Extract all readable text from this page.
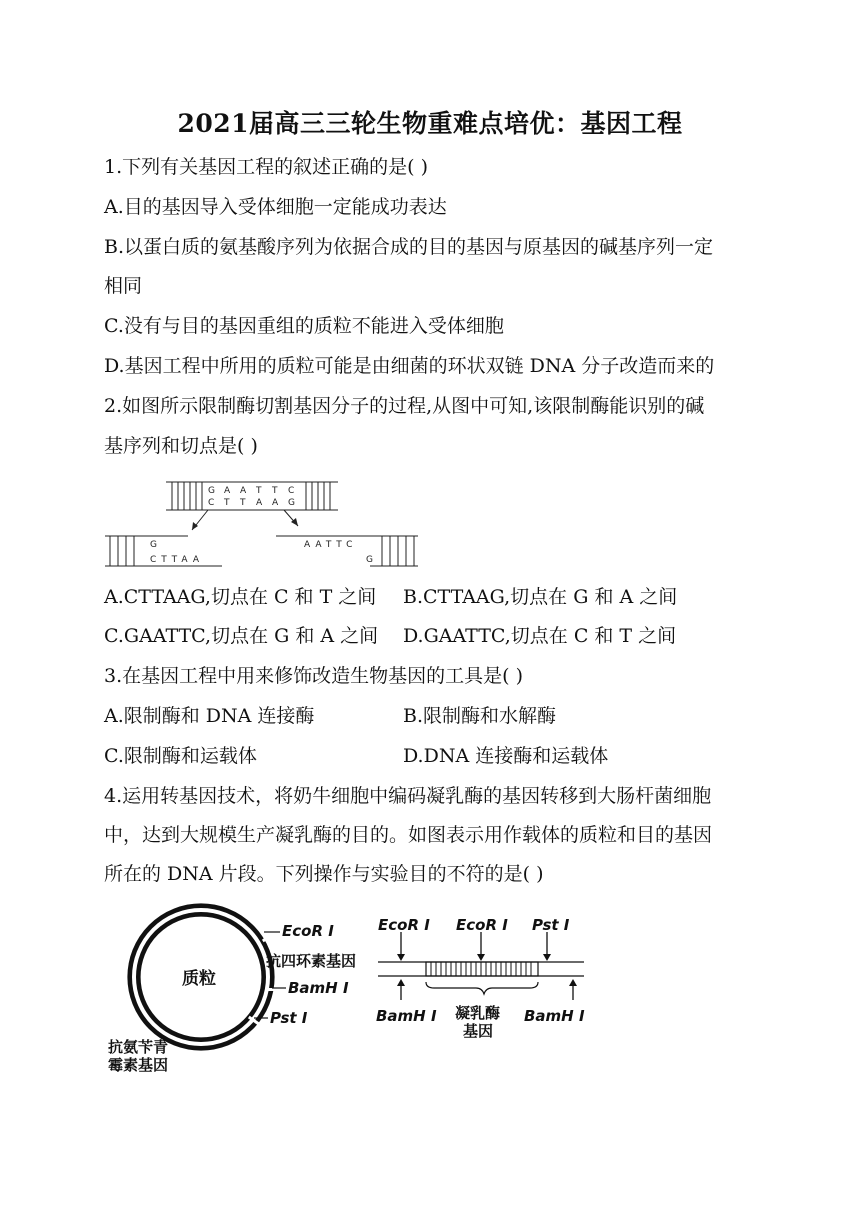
2021届高三三轮生物重难点培优：基因工程
1.下列有关基因工程的叙述正确的是( )
A.目的基因导入受体细胞一定能成功表达
B.以蛋白质的氨基酸序列为依据合成的目的基因与原基因的碱基序列一定
相同
C.没有与目的基因重组的质粒不能进入受体细胞
D.基因工程中所用的质粒可能是由细菌的环状双链 DNA 分子改造而来的
2.如图所示限制酶切割基因分子的过程,从图中可知,该限制酶能识别的碱
基序列和切点是( )
G A A T T C
C T T A A G
G
CTTAA
AATTC
G
A.CTTAAG,切点在 C 和 T 之间 B.CTTAAG,切点在 G 和 A 之间
C.GAATTC,切点在 G 和 A 之间 D.GAATTC,切点在 C 和 T 之间
3.在基因工程中用来修饰改造生物基因的工具是( )
A.限制酶和 DNA 连接酶	B.限制酶和水解酶
C.限制酶和运载体	D.DNA 连接酶和运载体
4.运用转基因技术，将奶牛细胞中编码凝乳酶的基因转移到大肠杆菌细胞
中，达到大规模生产凝乳酶的目的。如图表示用作载体的质粒和目的基因
所在的 DNA 片段。下列操作与实验目的不符的是( )
质粒
EcoR Ⅰ
抗四环素基因
BamH Ⅰ
Pst Ⅰ
抗氨苄青
霉素基因
EcoR Ⅰ EcoR Ⅰ Pst Ⅰ
BamH Ⅰ	BamH Ⅰ
凝乳酶
基因
